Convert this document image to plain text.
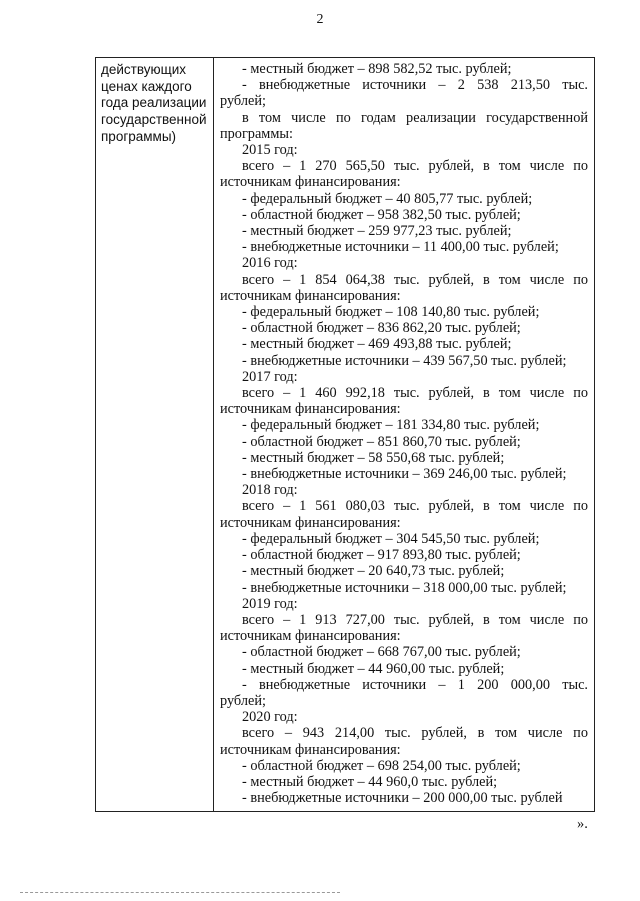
2
действующих
ценах каждого
года реализации
государственной
программы)
- местный бюджет – 898 582,52 тыс. рублей;
- внебюджетные источники – 2 538 213,50 тыс.
рублей;
в том числе по годам реализации государственной
программы:
2015 год:
всего – 1 270 565,50 тыс. рублей, в том числе по
источникам финансирования:
- федеральный бюджет – 40 805,77 тыс. рублей;
- областной бюджет – 958 382,50 тыс. рублей;
- местный бюджет – 259 977,23 тыс. рублей;
- внебюджетные источники – 11 400,00 тыс. рублей;
2016 год:
всего – 1 854 064,38 тыс. рублей, в том числе по
источникам финансирования:
- федеральный бюджет – 108 140,80 тыс. рублей;
- областной бюджет – 836 862,20 тыс. рублей;
- местный бюджет – 469 493,88 тыс. рублей;
- внебюджетные источники – 439 567,50 тыс. рублей;
2017 год:
всего – 1 460 992,18 тыс. рублей, в том числе по
источникам финансирования:
- федеральный бюджет – 181 334,80 тыс. рублей;
- областной бюджет – 851 860,70 тыс. рублей;
- местный бюджет – 58 550,68 тыс. рублей;
- внебюджетные источники – 369 246,00 тыс. рублей;
2018 год:
всего – 1 561 080,03 тыс. рублей, в том числе по
источникам финансирования:
- федеральный бюджет – 304 545,50 тыс. рублей;
- областной бюджет – 917 893,80 тыс. рублей;
- местный бюджет – 20 640,73 тыс. рублей;
- внебюджетные источники – 318 000,00 тыс. рублей;
2019 год:
всего – 1 913 727,00 тыс. рублей, в том числе по
источникам финансирования:
- областной бюджет – 668 767,00 тыс. рублей;
- местный бюджет – 44 960,00 тыс. рублей;
- внебюджетные источники – 1 200 000,00 тыс.
рублей;
2020 год:
всего – 943 214,00 тыс. рублей, в том числе по
источникам финансирования:
- областной бюджет – 698 254,00 тыс. рублей;
- местный бюджет – 44 960,0 тыс. рублей;
- внебюджетные источники – 200 000,00 тыс. рублей
».
